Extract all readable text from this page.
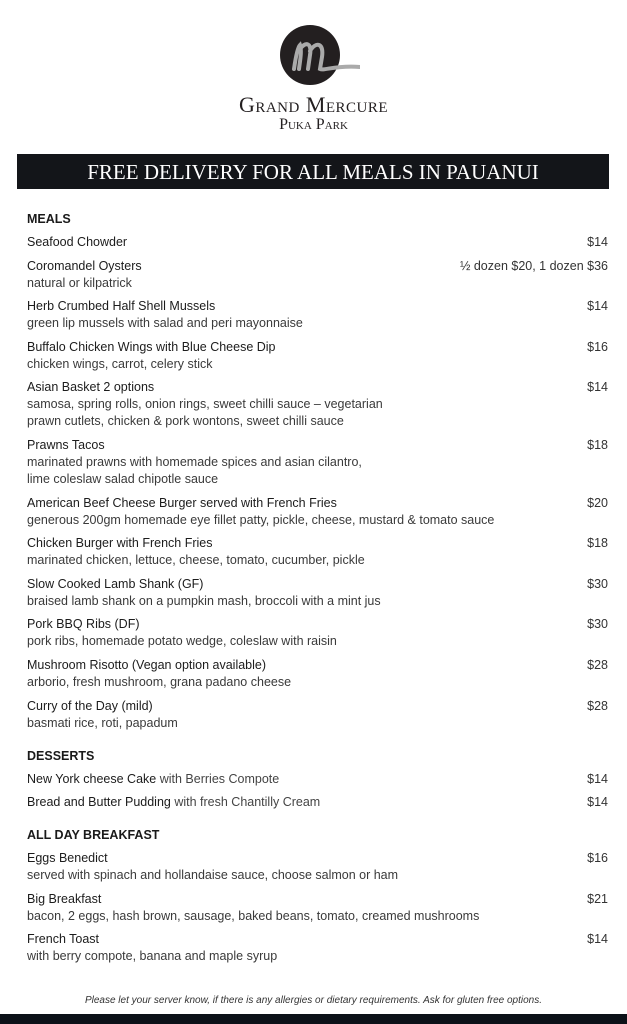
Grand Mercure
Puka Park
FREE DELIVERY FOR ALL MEALS IN PAUANUI
MEALS
Seafood Chowder	$14
Coromandel Oysters	½ dozen $20, 1 dozen $36
natural or kilpatrick
Herb Crumbed Half Shell Mussels	$14
green lip mussels with salad and peri mayonnaise
Buffalo Chicken Wings with Blue Cheese Dip	$16
chicken wings, carrot, celery stick
Asian Basket 2 options	$14
samosa, spring rolls, onion rings, sweet chilli sauce – vegetarian
prawn cutlets, chicken & pork wontons, sweet chilli sauce
Prawns Tacos	$18
marinated prawns with homemade spices and asian cilantro,
lime coleslaw salad chipotle sauce
American Beef Cheese Burger served with French Fries	$20
generous 200gm homemade eye fillet patty, pickle, cheese, mustard & tomato sauce
Chicken Burger with French Fries	$18
marinated chicken, lettuce, cheese, tomato, cucumber, pickle
Slow Cooked Lamb Shank (GF)	$30
braised lamb shank on a pumpkin mash, broccoli with a mint jus
Pork BBQ Ribs (DF)	$30
pork ribs, homemade potato wedge, coleslaw with raisin
Mushroom Risotto (Vegan option available)	$28
arborio, fresh mushroom, grana padano cheese
Curry of the Day (mild)	$28
basmati rice, roti, papadum
DESSERTS
New York cheese Cake with Berries Compote	$14
Bread and Butter Pudding with fresh Chantilly Cream	$14
ALL DAY BREAKFAST
Eggs Benedict	$16
served with spinach and hollandaise sauce, choose salmon or ham
Big Breakfast	$21
bacon, 2 eggs, hash brown, sausage, baked beans, tomato, creamed mushrooms
French Toast	$14
with berry compote, banana and maple syrup
Please let your server know, if there is any allergies or dietary requirements. Ask for gluten free options.
